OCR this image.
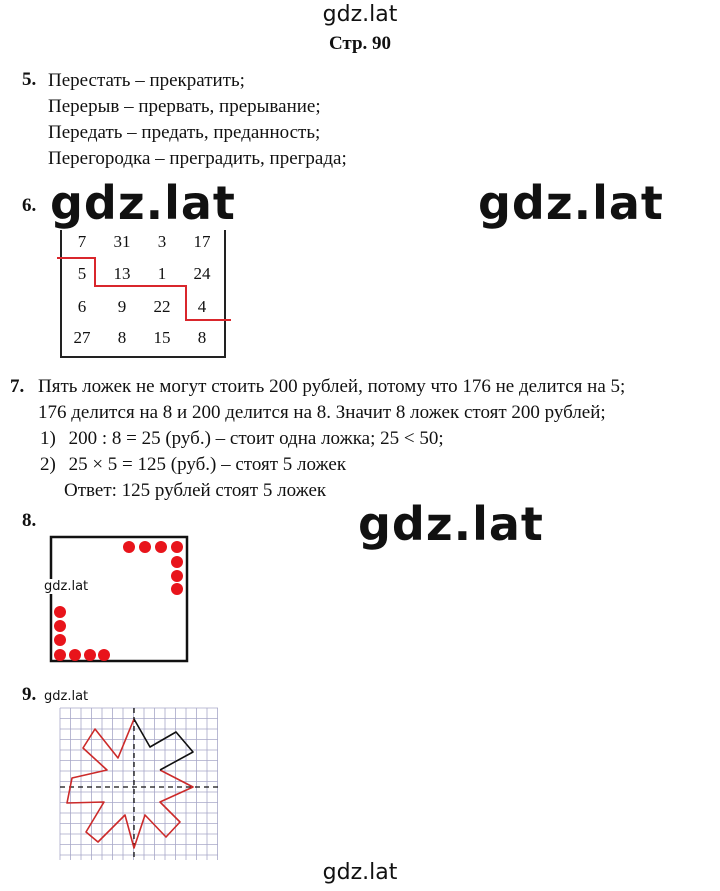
gdz.lat
Стр. 90
5. Перестать – прекратить;
Перерыв – прервать, прерывание;
Передать – предать, преданность;
Перегородка – преградить, преграда;
6.
7	31	3	17
5	13	1	24
6	9	22	4
27	8	15	8
gdz.lat	gdz.lat
7. Пять ложек не могут стоить 200 рублей, потому что 176 не делится на 5;
176 делится на 8 и 200 делится на 8. Значит 8 ложек стоят 200 рублей;
1) 200 : 8 = 25 (руб.) – стоит одна ложка; 25 < 50;
2) 25 × 5 = 125 (руб.) – стоят 5 ложек
Ответ: 125 рублей стоят 5 ложек
8.	gdz.lat
gdz.lat
9. gdz.lat
gdz.lat
